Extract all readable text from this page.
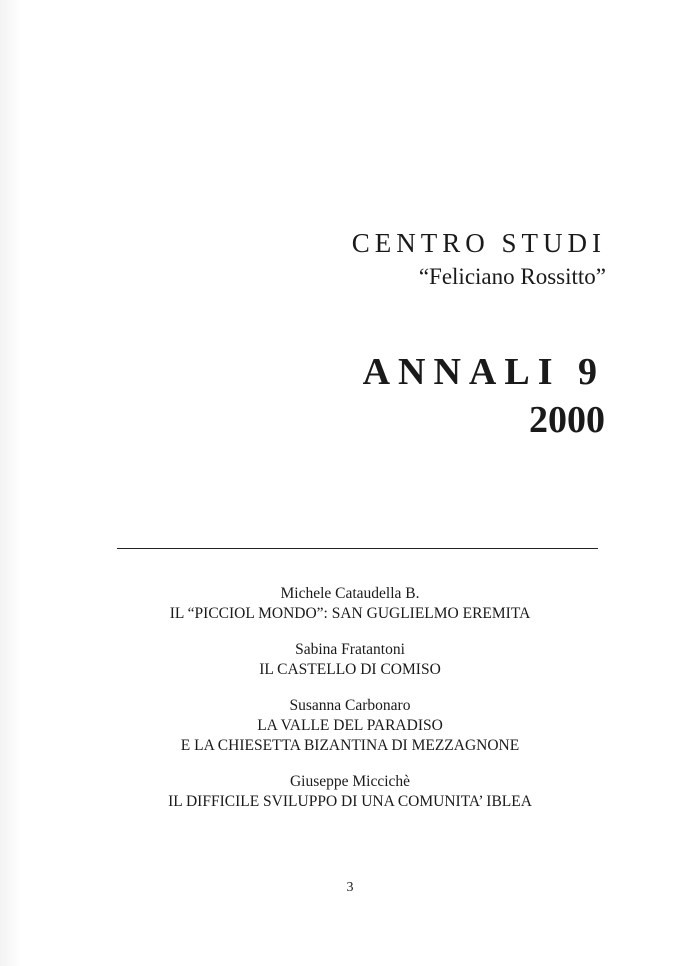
CENTRO STUDI

“Feliciano Rossitto”

ANNALI 9

2000

Michele Cataudella B.

IL “PICCIOL MONDO”: SAN GUGLIELMO EREMITA

Sabina Fratantoni

IL CASTELLO DI COMISO

Susanna Carbonaro

LA VALLE DEL PARADISO

E LA CHIESETTA BIZANTINA DI MEZZAGNONE

Giuseppe Miccichè

IL DIFFICILE SVILUPPO DI UNA COMUNITA’ IBLEA

3
